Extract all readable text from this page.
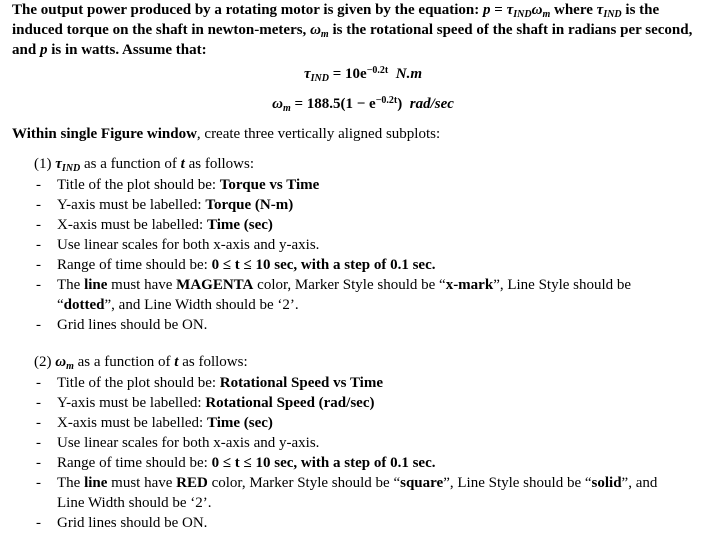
The output power produced by a rotating motor is given by the equation: $p = \tau_{IND}\omega_m$ where $\tau_{IND}$ is the induced torque on the shaft in newton-meters, $\omega_m$ is the rotational speed of the shaft in radians per second, and p is in watts. Assume that:
$\tau_{IND} = 10e^{-0.2t}$  N.m
$\omega_m = 188.5(1 - e^{-0.2t})$  rad/sec
Within single Figure window, create three vertically aligned subplots:
(1) $\tau_{IND}$ as a function of t as follows:
- Title of the plot should be: Torque vs Time
- Y-axis must be labelled: Torque (N-m)
- X-axis must be labelled: Time (sec)
- Use linear scales for both x-axis and y-axis.
- Range of time should be: 0 ≤ t ≤ 10 sec, with a step of 0.1 sec.
- The line must have MAGENTA color, Marker Style should be “x-mark”, Line Style should be “dotted”, and Line Width should be ‘2’.
- Grid lines should be ON.
(2) $\omega_m$ as a function of t as follows:
- Title of the plot should be: Rotational Speed vs Time
- Y-axis must be labelled: Rotational Speed (rad/sec)
- X-axis must be labelled: Time (sec)
- Use linear scales for both x-axis and y-axis.
- Range of time should be: 0 ≤ t ≤ 10 sec, with a step of 0.1 sec.
- The line must have RED color, Marker Style should be “square”, Line Style should be “solid”, and Line Width should be ‘2’.
- Grid lines should be ON.
